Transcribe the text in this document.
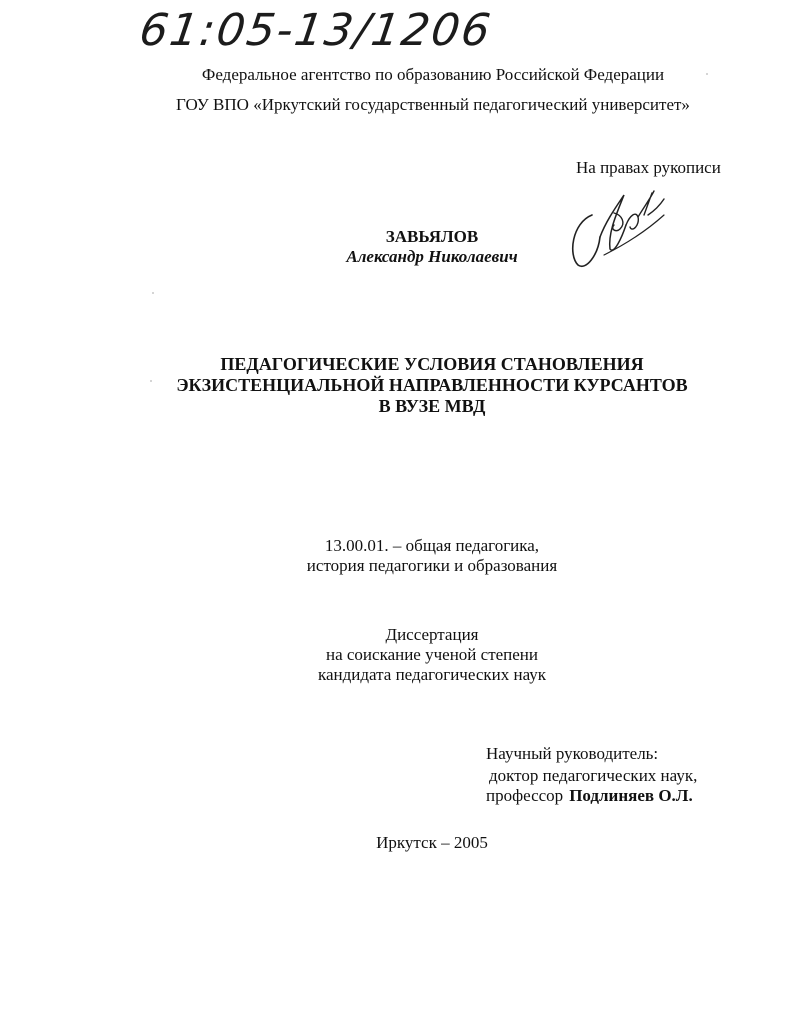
61:05-13/1206
Федеральное агентство по образованию Российской Федерации
ГОУ ВПО «Иркутский государственный педагогический университет»
На правах рукописи
ЗАВЬЯЛОВ
Александр Николаевич
ПЕДАГОГИЧЕСКИЕ УСЛОВИЯ СТАНОВЛЕНИЯ
ЭКЗИСТЕНЦИАЛЬНОЙ НАПРАВЛЕННОСТИ КУРСАНТОВ
В ВУЗЕ МВД
13.00.01. – общая педагогика,
история педагогики и образования
Диссертация
на соискание ученой степени
кандидата педагогических наук
Научный руководитель:
доктор педагогических наук,
профессор Подлиняев О.Л.
Иркутск – 2005
